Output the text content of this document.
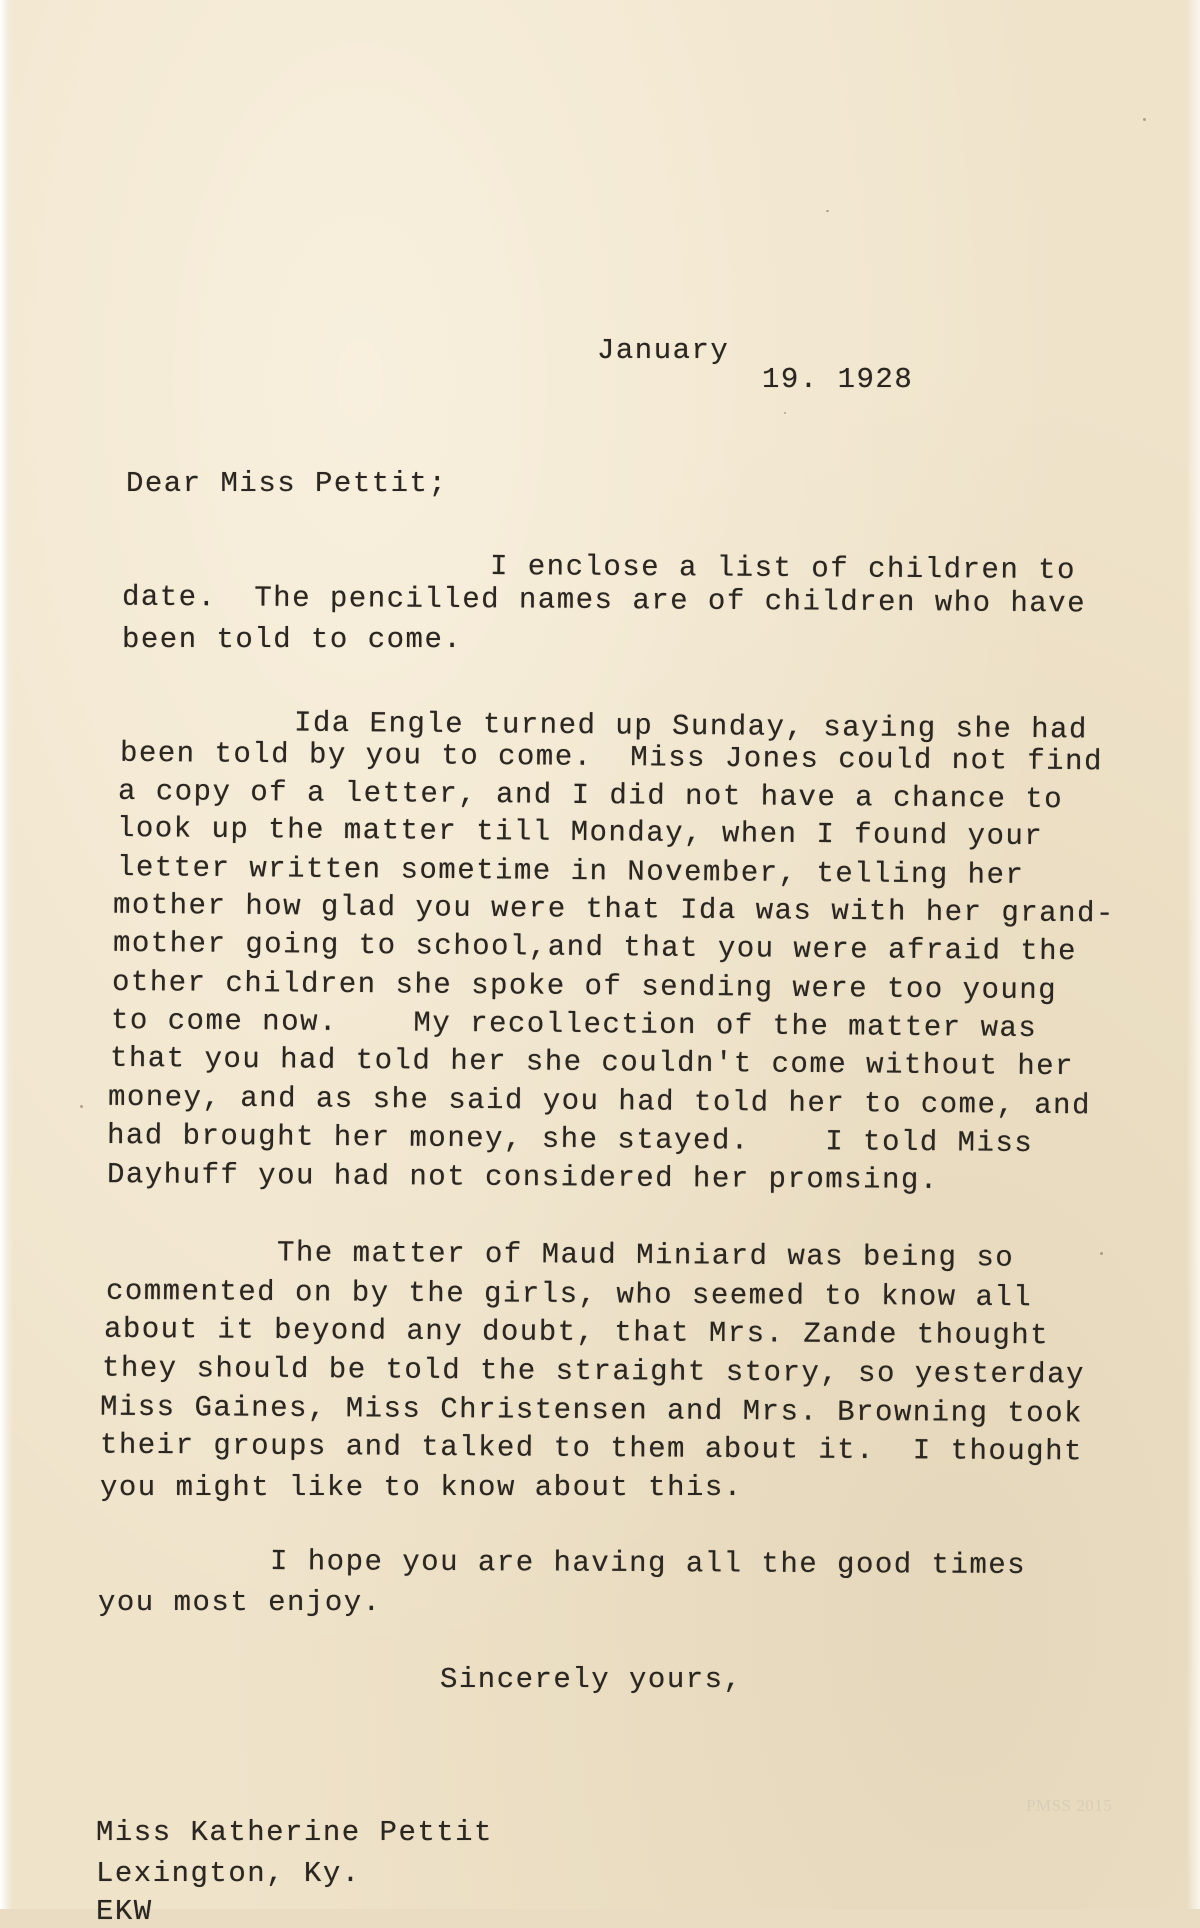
January
19. 1928
Dear Miss Pettit;
I enclose a list of children to
date.  The pencilled names are of children who have
been told to come.
Ida Engle turned up Sunday, saying she had
been told by you to come.  Miss Jones could not find
a copy of a letter, and I did not have a chance to
look up the matter till Monday, when I found your
letter written sometime in November, telling her
mother how glad you were that Ida was with her grand-
mother going to school,and that you were afraid the
other children she spoke of sending were too young
to come now.    My recollection of the matter was
that you had told her she couldn't come without her
money, and as she said you had told her to come, and
had brought her money, she stayed.    I told Miss
Dayhuff you had not considered her promsing.
The matter of Maud Miniard was being so
commented on by the girls, who seemed to know all
about it beyond any doubt, that Mrs. Zande thought
they should be told the straight story, so yesterday
Miss Gaines, Miss Christensen and Mrs. Browning took
their groups and talked to them about it.  I thought
you might like to know about this.
I hope you are having all the good times
you most enjoy.
Sincerely yours,
Miss Katherine Pettit
Lexington, Ky.
EKW
PMSS 2015
